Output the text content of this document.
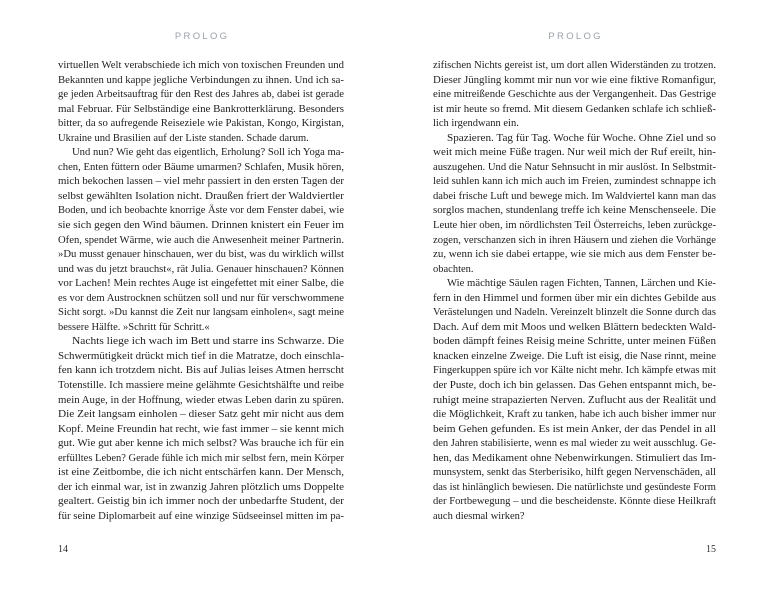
PROLOG
virtuellen Welt verabschiede ich mich von toxischen Freunden und
Bekannten und kappe jegliche Verbindungen zu ihnen. Und ich sa-
ge jeden Arbeitsauftrag für den Rest des Jahres ab, dabei ist gerade
mal Februar. Für Selbständige eine Bankrotterklärung. Besonders
bitter, da so aufregende Reiseziele wie Pakistan, Kongo, Kirgistan,
Ukraine und Brasilien auf der Liste standen. Schade darum.
Und nun? Wie geht das eigentlich, Erholung? Soll ich Yoga ma-
chen, Enten füttern oder Bäume umarmen? Schlafen, Musik hören,
mich bekochen lassen – viel mehr passiert in den ersten Tagen der
selbst gewählten Isolation nicht. Draußen friert der Waldviertler
Boden, und ich beobachte knorrige Äste vor dem Fenster dabei, wie
sie sich gegen den Wind bäumen. Drinnen knistert ein Feuer im
Ofen, spendet Wärme, wie auch die Anwesenheit meiner Partnerin.
»Du musst genauer hinschauen, wer du bist, was du wirklich willst
und was du jetzt brauchst«, rät Julia. Genauer hinschauen? Können
vor Lachen! Mein rechtes Auge ist eingefettet mit einer Salbe, die
es vor dem Austrocknen schützen soll und nur für verschwommene
Sicht sorgt. »Du kannst die Zeit nur langsam einholen«, sagt meine
bessere Hälfte. »Schritt für Schritt.«
Nachts liege ich wach im Bett und starre ins Schwarze. Die
Schwermütigkeit drückt mich tief in die Matratze, doch einschla-
fen kann ich trotzdem nicht. Bis auf Julias leises Atmen herrscht
Totenstille. Ich massiere meine gelähmte Gesichtshälfte und reibe
mein Auge, in der Hoffnung, wieder etwas Leben darin zu spüren.
Die Zeit langsam einholen – dieser Satz geht mir nicht aus dem
Kopf. Meine Freundin hat recht, wie fast immer – sie kennt mich
gut. Wie gut aber kenne ich mich selbst? Was brauche ich für ein
erfülltes Leben? Gerade fühle ich mich mir selbst fern, mein Körper
ist eine Zeitbombe, die ich nicht entschärfen kann. Der Mensch,
der ich einmal war, ist in zwanzig Jahren plötzlich ums Doppelte
gealtert. Geistig bin ich immer noch der unbedarfte Student, der
für seine Diplomarbeit auf eine winzige Südseeinsel mitten im pa-
14
PROLOG
zifischen Nichts gereist ist, um dort allen Widerständen zu trotzen.
Dieser Jüngling kommt mir nun vor wie eine fiktive Romanfigur,
eine mitreißende Geschichte aus der Vergangenheit. Das Gestrige
ist mir heute so fremd. Mit diesem Gedanken schlafe ich schließ-
lich irgendwann ein.
Spazieren. Tag für Tag. Woche für Woche. Ohne Ziel und so
weit mich meine Füße tragen. Nur weil mich der Ruf ereilt, hin-
auszugehen. Und die Natur Sehnsucht in mir auslöst. In Selbstmit-
leid suhlen kann ich mich auch im Freien, zumindest schnappe ich
dabei frische Luft und bewege mich. Im Waldviertel kann man das
sorglos machen, stundenlang treffe ich keine Menschenseele. Die
Leute hier oben, im nördlichsten Teil Österreichs, leben zurückge-
zogen, verschanzen sich in ihren Häusern und ziehen die Vorhänge
zu, wenn ich sie dabei ertappe, wie sie mich aus dem Fenster be-
obachten.
Wie mächtige Säulen ragen Fichten, Tannen, Lärchen und Kie-
fern in den Himmel und formen über mir ein dichtes Gebilde aus
Verästelungen und Nadeln. Vereinzelt blinzelt die Sonne durch das
Dach. Auf dem mit Moos und welken Blättern bedeckten Wald-
boden dämpft feines Reisig meine Schritte, unter meinen Füßen
knacken einzelne Zweige. Die Luft ist eisig, die Nase rinnt, meine
Fingerkuppen spüre ich vor Kälte nicht mehr. Ich kämpfe etwas mit
der Puste, doch ich bin gelassen. Das Gehen entspannt mich, be-
ruhigt meine strapazierten Nerven. Zuflucht aus der Realität und
die Möglichkeit, Kraft zu tanken, habe ich auch bisher immer nur
beim Gehen gefunden. Es ist mein Anker, der das Pendel in all
den Jahren stabilisierte, wenn es mal wieder zu weit ausschlug. Ge-
hen, das Medikament ohne Nebenwirkungen. Stimuliert das Im-
munsystem, senkt das Sterberisiko, hilft gegen Nervenschäden, all
das ist hinlänglich bewiesen. Die natürlichste und gesündeste Form
der Fortbewegung – und die bescheidenste. Könnte diese Heilkraft
auch diesmal wirken?
15
